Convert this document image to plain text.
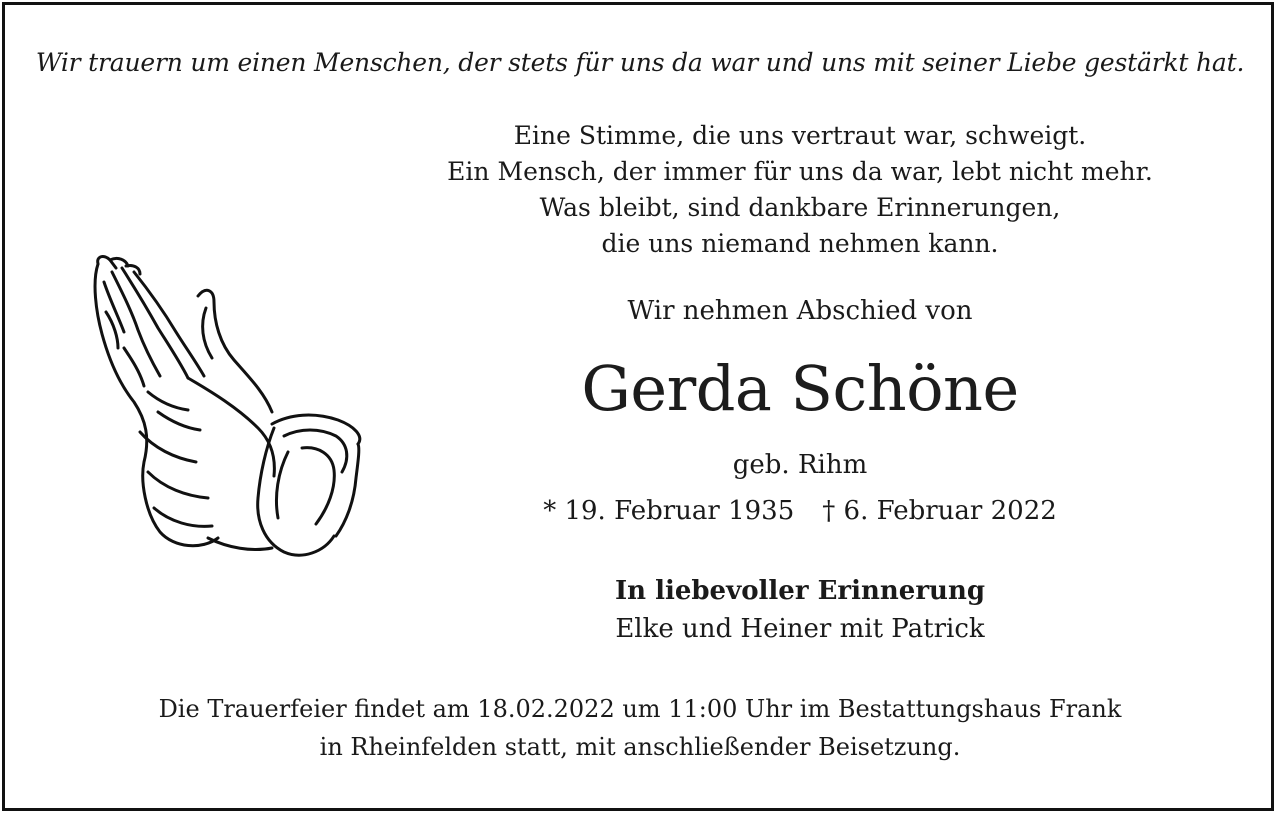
Wir trauern um einen Menschen, der stets für uns da war und uns mit seiner Liebe gestärkt hat.
Eine Stimme, die uns vertraut war, schweigt.
Ein Mensch, der immer für uns da war, lebt nicht mehr.
Was bleibt, sind dankbare Erinnerungen,
die uns niemand nehmen kann.
Wir nehmen Abschied von
Gerda Schöne
geb. Rihm
* 19. Februar 1935 † 6. Februar 2022
In liebevoller Erinnerung
Elke und Heiner mit Patrick
Die Trauerfeier findet am 18.02.2022 um 11:00 Uhr im Bestattungshaus Frank
in Rheinfelden statt, mit anschließender Beisetzung.
